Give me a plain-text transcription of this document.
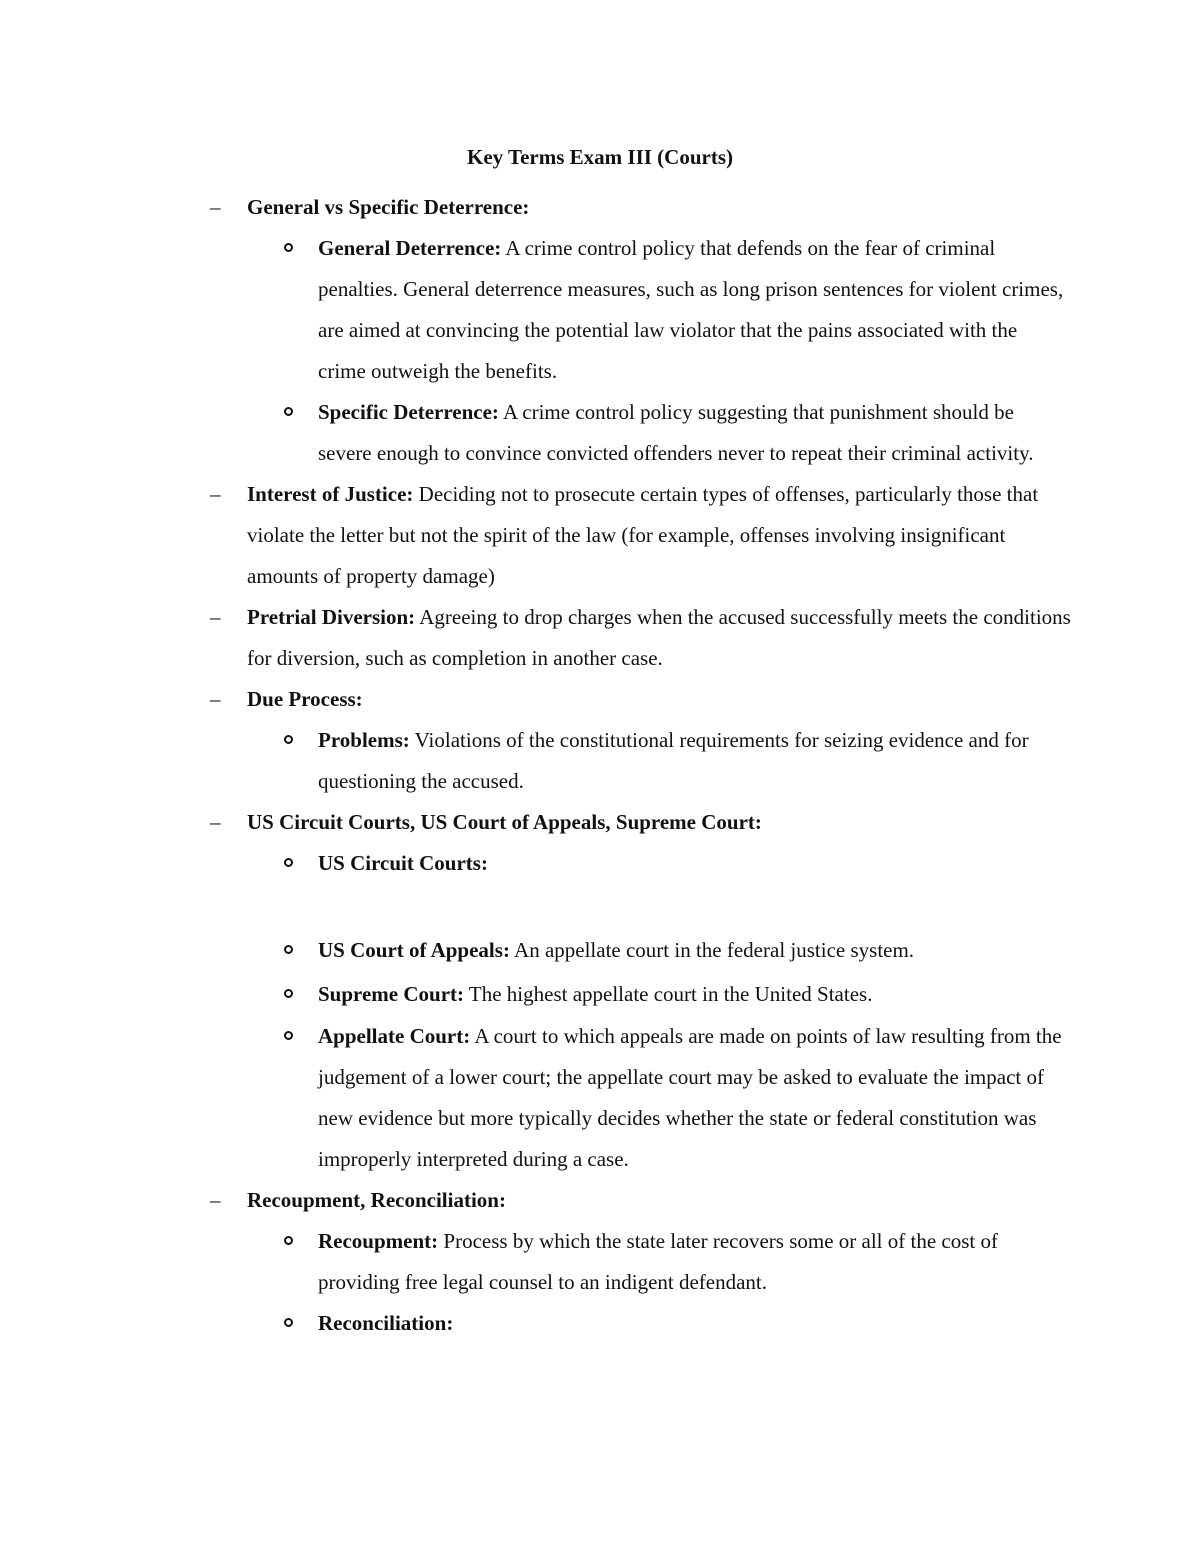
Key Terms Exam III (Courts)
– General vs Specific Deterrence:
General Deterrence: A crime control policy that defends on the fear of criminal penalties. General deterrence measures, such as long prison sentences for violent crimes, are aimed at convincing the potential law violator that the pains associated with the crime outweigh the benefits.
Specific Deterrence: A crime control policy suggesting that punishment should be severe enough to convince convicted offenders never to repeat their criminal activity.
– Interest of Justice: Deciding not to prosecute certain types of offenses, particularly those that violate the letter but not the spirit of the law (for example, offenses involving insignificant amounts of property damage)
– Pretrial Diversion: Agreeing to drop charges when the accused successfully meets the conditions for diversion, such as completion in another case.
– Due Process:
Problems: Violations of the constitutional requirements for seizing evidence and for questioning the accused.
– US Circuit Courts, US Court of Appeals, Supreme Court:
US Circuit Courts:
US Court of Appeals: An appellate court in the federal justice system.
Supreme Court: The highest appellate court in the United States.
Appellate Court: A court to which appeals are made on points of law resulting from the judgement of a lower court; the appellate court may be asked to evaluate the impact of new evidence but more typically decides whether the state or federal constitution was improperly interpreted during a case.
– Recoupment, Reconciliation:
Recoupment: Process by which the state later recovers some or all of the cost of providing free legal counsel to an indigent defendant.
Reconciliation:
